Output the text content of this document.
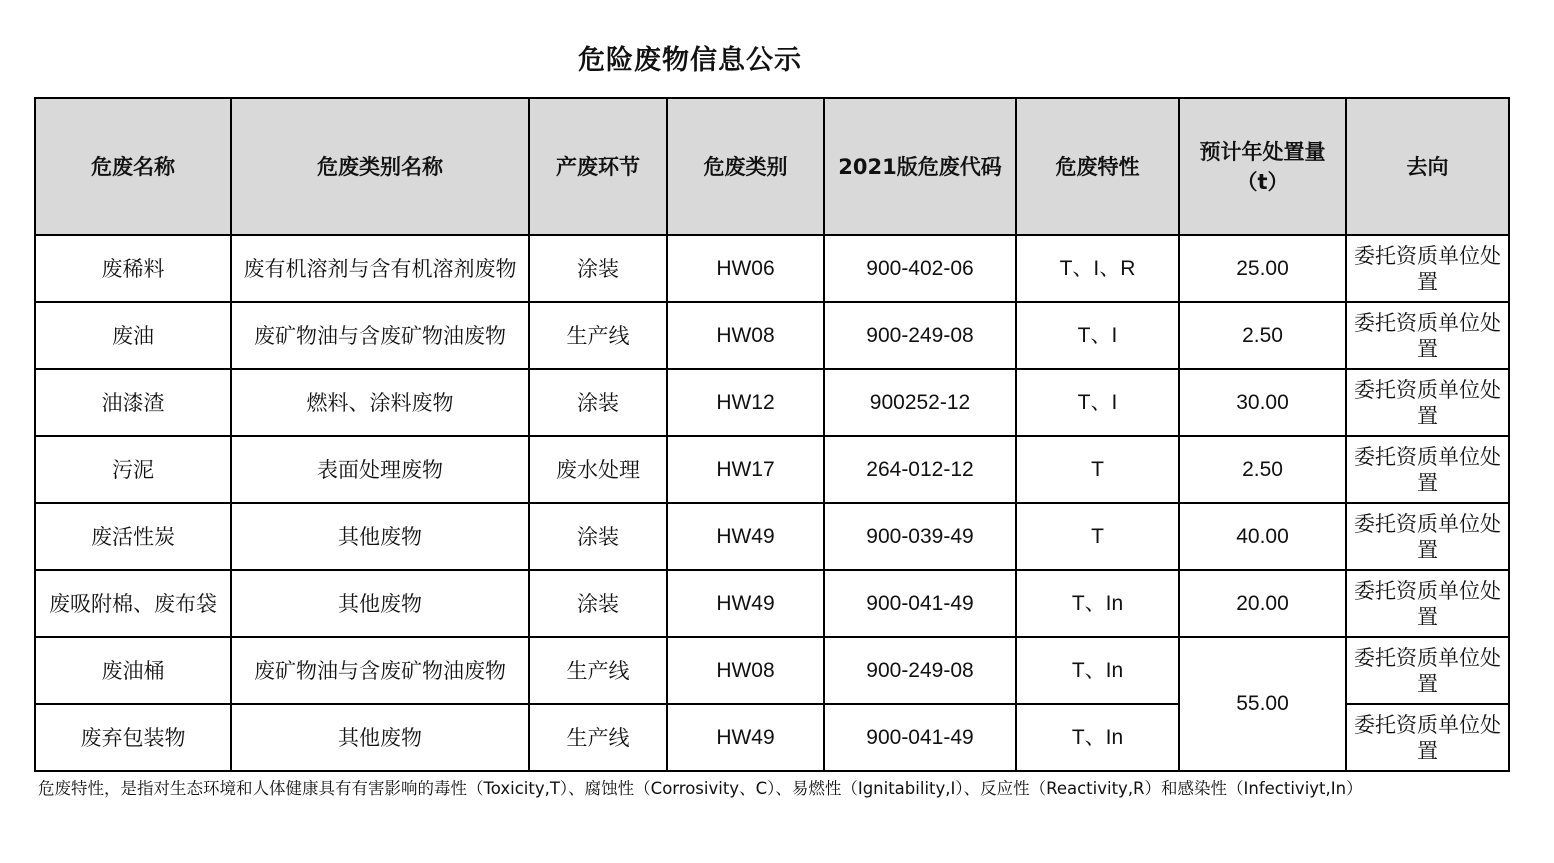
危险废物信息公示
危废名称	危废类别名称	产废环节	危废类别	2021版危废代码	危废特性	预计年处置量（t）	去向
废稀料	废有机溶剂与含有机溶剂废物	涂装	HW06	900-402-06	T、I、R	25.00	委托资质单位处置
废油	废矿物油与含废矿物油废物	生产线	HW08	900-249-08	T、I	2.50	委托资质单位处置
油漆渣	燃料、涂料废物	涂装	HW12	900252-12	T、I	30.00	委托资质单位处置
污泥	表面处理废物	废水处理	HW17	264-012-12	T	2.50	委托资质单位处置
废活性炭	其他废物	涂装	HW49	900-039-49	T	40.00	委托资质单位处置
废吸附棉、废布袋	其他废物	涂装	HW49	900-041-49	T、In	20.00	委托资质单位处置
废油桶	废矿物油与含废矿物油废物	生产线	HW08	900-249-08	T、In	55.00	委托资质单位处置
废弃包装物	其他废物	生产线	HW49	900-041-49	T、In		委托资质单位处置
危废特性，是指对生态环境和人体健康具有有害影响的毒性（Toxicity,T）、腐蚀性（Corrosivity、C）、易燃性（Ignitability,I）、反应性（Reactivity,R）和感染性（Infectiviyt,In）
